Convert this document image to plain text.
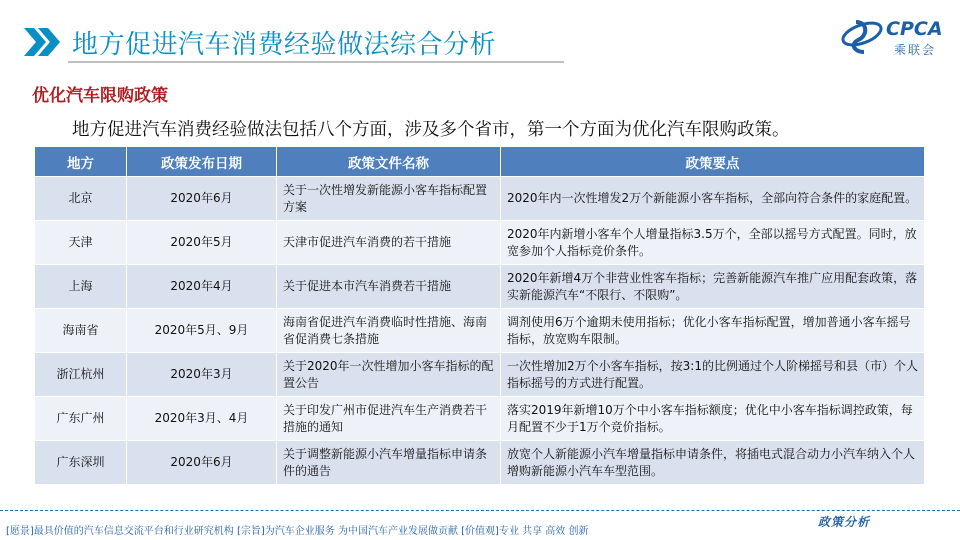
地方促进汽车消费经验做法综合分析
CPCA
乘联会
优化汽车限购政策
地方促进汽车消费经验做法包括八个方面，涉及多个省市，第一个方面为优化汽车限购政策。
地方	政策发布日期	政策文件名称	政策要点
北京	2020年6月	关于一次性增发新能源小客车指标配置方案	2020年内一次性增发2万个新能源小客车指标，全部向符合条件的家庭配置。
天津	2020年5月	天津市促进汽车消费的若干措施	2020年内新增小客车个人增量指标3.5万个，全部以摇号方式配置。同时，放宽参加个人指标竞价条件。
上海	2020年4月	关于促进本市汽车消费若干措施	2020年新增4万个非营业性客车指标；完善新能源汽车推广应用配套政策，落实新能源汽车“不限行、不限购”。
海南省	2020年5月、9月	海南省促进汽车消费临时性措施、海南省促消费七条措施	调剂使用6万个逾期未使用指标；优化小客车指标配置，增加普通小客车摇号指标，放宽购车限制。
浙江杭州	2020年3月	关于2020年一次性增加小客车指标的配置公告	一次性增加2万个小客车指标，按3:1的比例通过个人阶梯摇号和县（市）个人指标摇号的方式进行配置。
广东广州	2020年3月、4月	关于印发广州市促进汽车生产消费若干措施的通知	落实2019年新增10万个中小客车指标额度；优化中小客车指标调控政策，每月配置不少于1万个竞价指标。
广东深圳	2020年6月	关于调整新能源小汽车增量指标申请条件的通告	放宽个人新能源小汽车增量指标申请条件，将插电式混合动力小汽车纳入个人增购新能源小汽车车型范围。
[愿景]最具价值的汽车信息交流平台和行业研究机构 [宗旨]为汽车企业服务 为中国汽车产业发展做贡献 [价值观]专业 共享 高效 创新
政策分析
